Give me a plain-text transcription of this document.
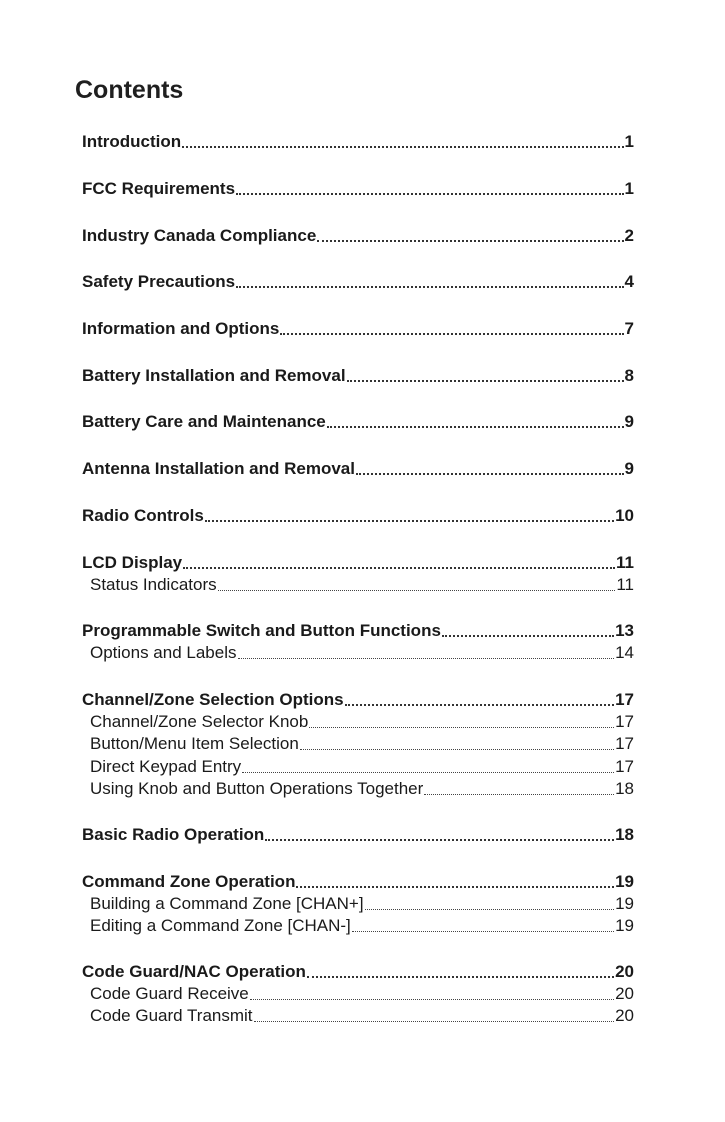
Contents
Introduction	1
FCC Requirements	1
Industry Canada Compliance	2
Safety Precautions	4
Information and Options	7
Battery Installation and Removal	8
Battery Care and Maintenance	9
Antenna Installation and Removal	9
Radio Controls	10
LCD Display	11
Status Indicators	11
Programmable Switch and Button Functions	13
Options and Labels	14
Channel/Zone Selection Options	17
Channel/Zone Selector Knob	17
Button/Menu Item Selection	17
Direct Keypad Entry	17
Using Knob and Button Operations Together	18
Basic Radio Operation	18
Command Zone Operation	19
Building a Command Zone [CHAN+]	19
Editing a Command Zone [CHAN-]	19
Code Guard/NAC Operation	20
Code Guard Receive	20
Code Guard Transmit	20
